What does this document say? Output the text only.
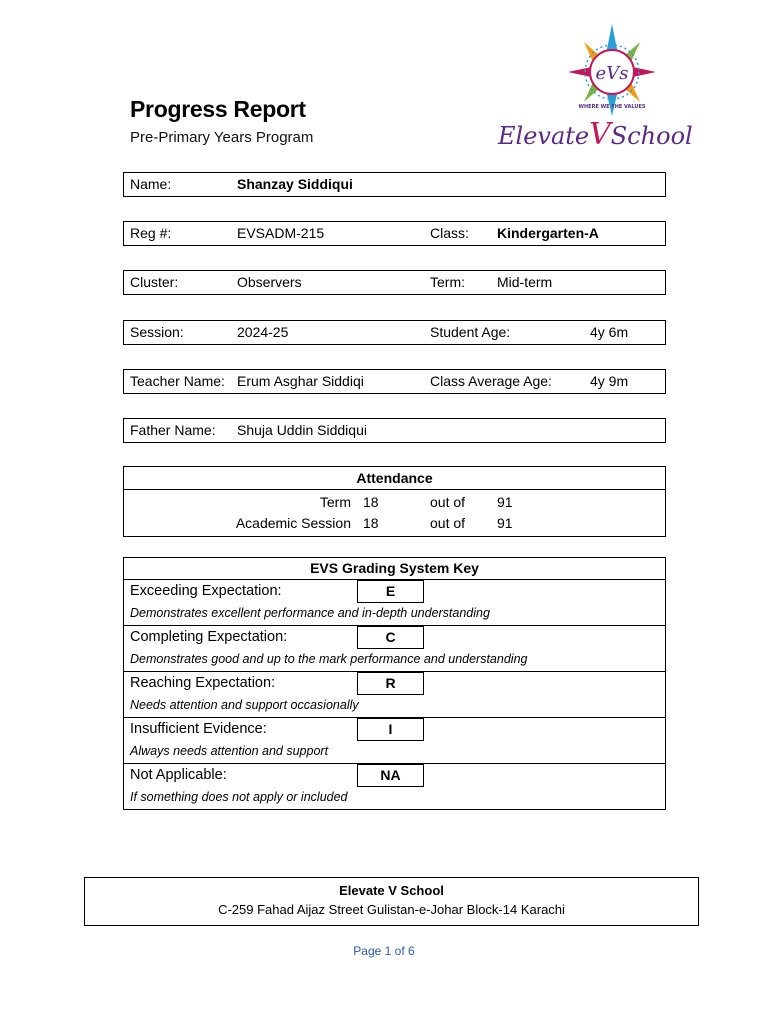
Progress Report
Pre-Primary Years Program
eVs
WHERE WE THE VALUES
ElevateVSchool
Name:	Shanzay Siddiqui
Reg #:	EVSADM-215	Class: Kindergarten-A
Cluster:	Observers	Term: Mid-term
Session:	2024-25	Student Age:	4y 6m
Teacher Name: Erum Asghar Siddiqi	Class Average Age:	4y 9m
Father Name: Shuja Uddin Siddiqui
Attendance
Term 18	out of 91
Academic Session 18	out of 91
EVS Grading System Key
Exceeding Expectation:	E
Demonstrates excellent performance and in-depth understanding
Completing Expectation:	C
Demonstrates good and up to the mark performance and understanding
Reaching Expectation:	R
Needs attention and support occasionally
Insufficient Evidence:	I
Always needs attention and support
Not Applicable:	NA
If something does not apply or included
Elevate V School
C-259 Fahad Aijaz Street Gulistan-e-Johar Block-14 Karachi
Page 1 of 6
